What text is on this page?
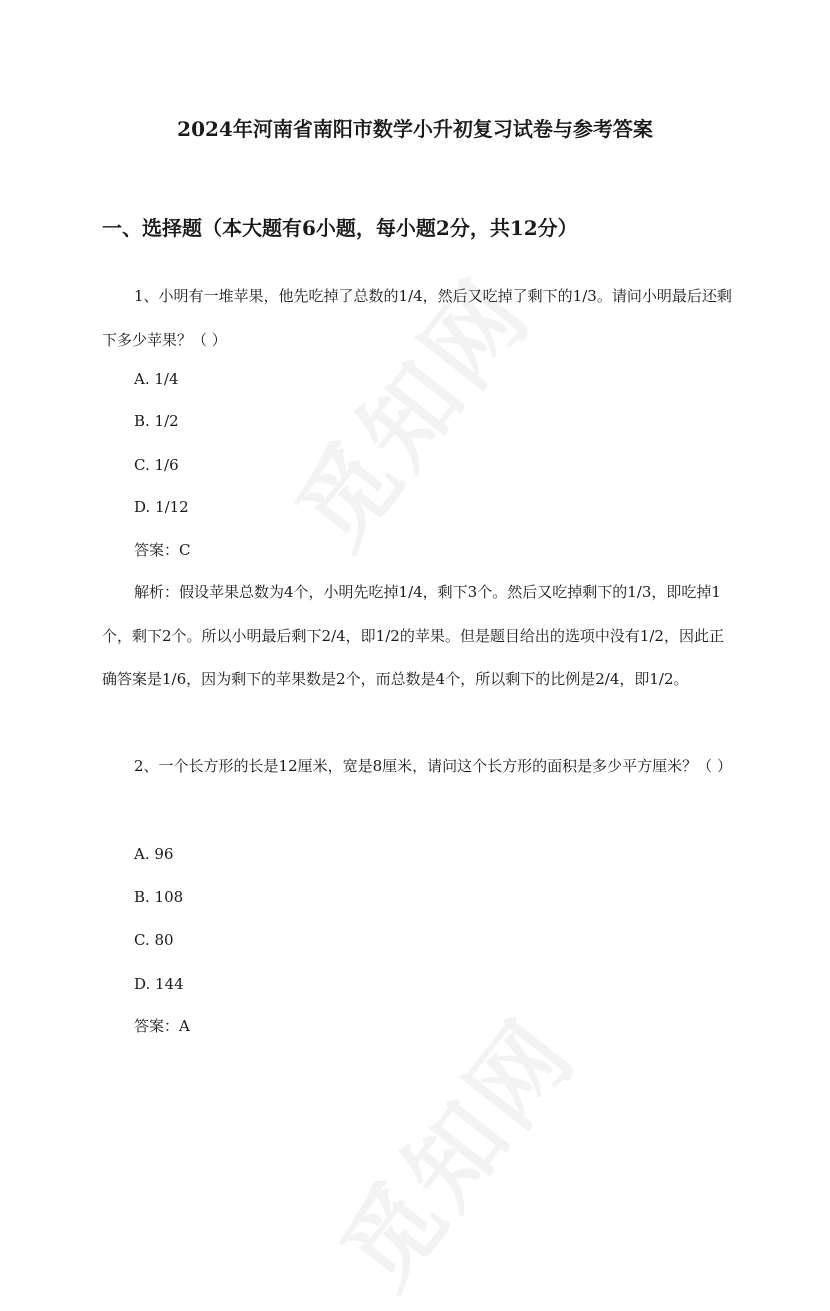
2024年河南省南阳市数学小升初复习试卷与参考答案
一、选择题（本大题有6小题，每小题2分，共12分）

1、小明有一堆苹果，他先吃掉了总数的1/4，然后又吃掉了剩下的1/3。请问小明最后还剩下多少苹果？（ ）

A. 1/4

B. 1/2

C. 1/6

D. 1/12

答案：C

解析：假设苹果总数为4个，小明先吃掉1/4，剩下3个。然后又吃掉剩下的1/3，即吃掉1个，剩下2个。所以小明最后剩下2/4，即1/2的苹果。但是题目给出的选项中没有1/2，因此正确答案是1/6，因为剩下的苹果数是2个，而总数是4个，所以剩下的比例是2/4，即1/2。

2、一个长方形的长是12厘米，宽是8厘米，请问这个长方形的面积是多少平方厘米？（ ）

A. 96

B. 108

C. 80

D. 144

答案：A
